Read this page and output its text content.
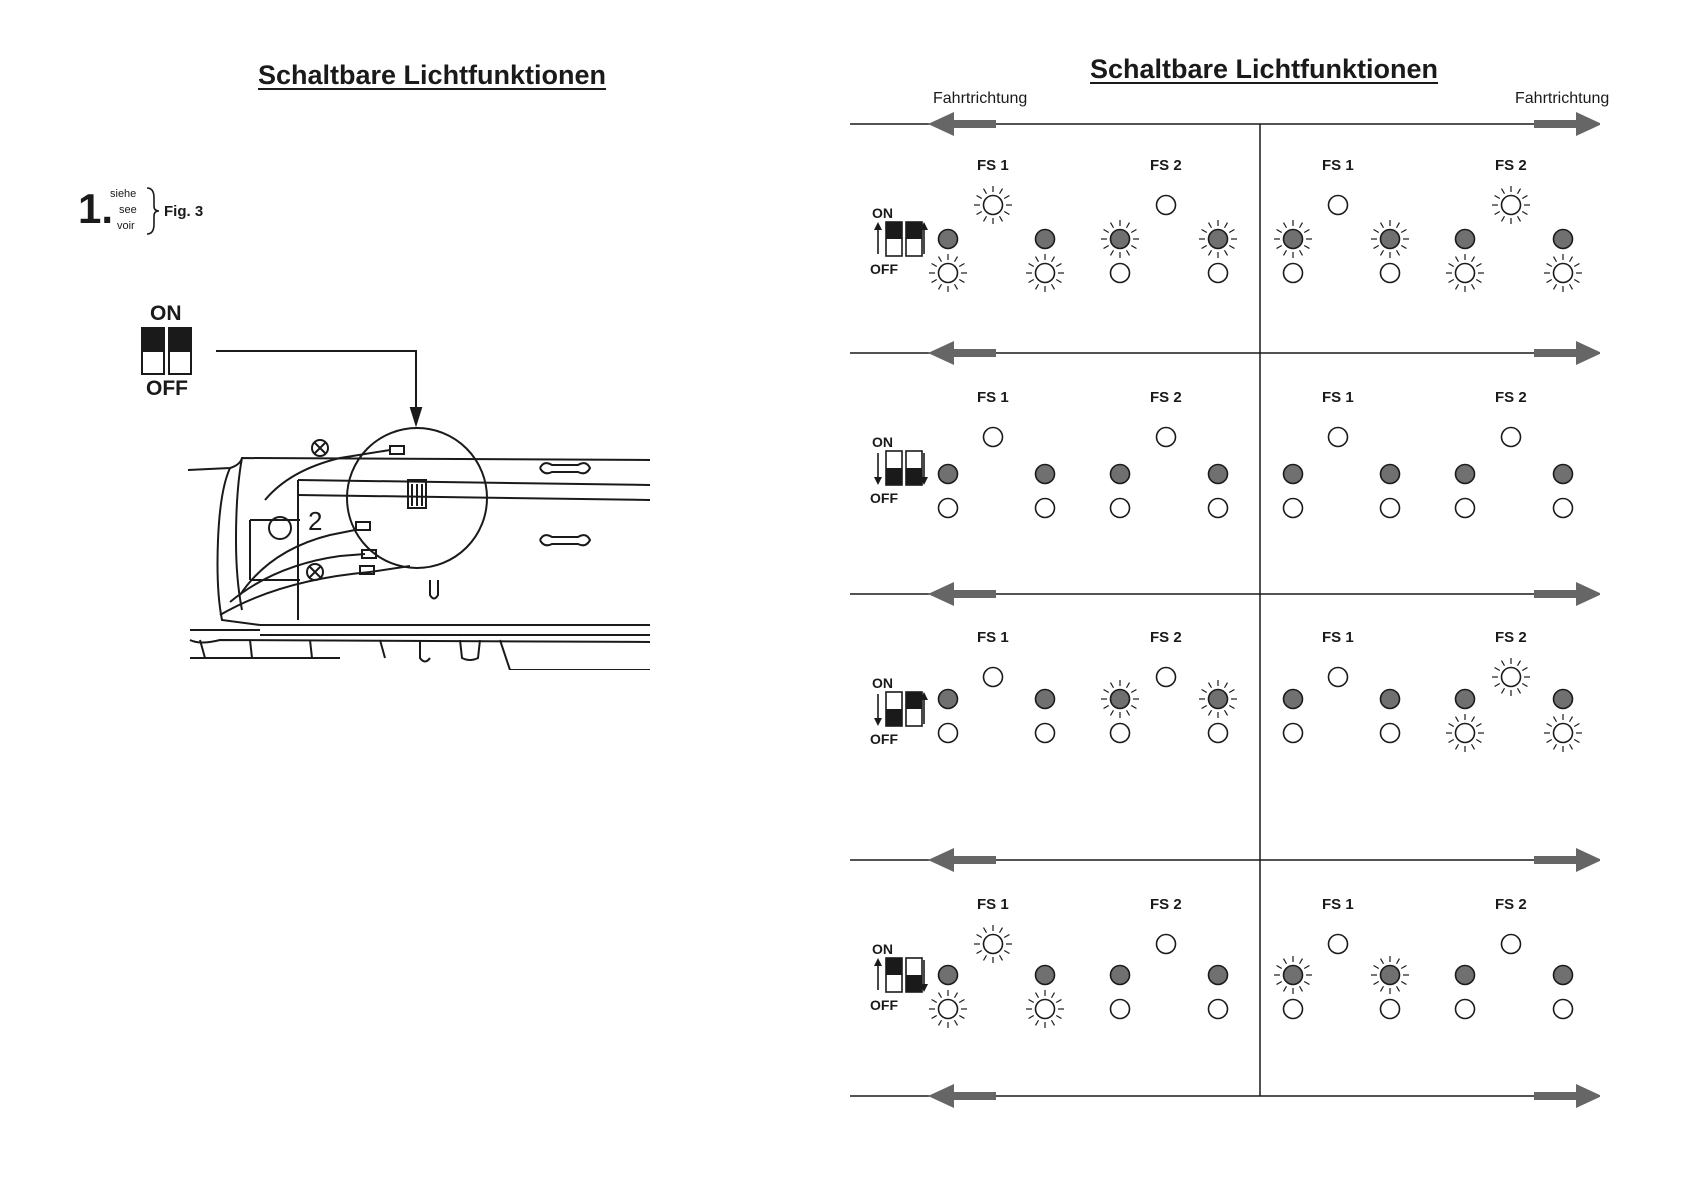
Schaltbare Lichtfunktionen
1.
siehe
see
voir
Fig. 3
ON
OFF
2
Schaltbare Lichtfunktionen
Fahrtrichtung	Fahrtrichtung
ON
OFF
FS 1	FS 2	FS 1	FS 2
ON
OFF
FS 1	FS 2	FS 1	FS 2
ON
OFF
FS 1	FS 2	FS 1	FS 2
ON
OFF
FS 1	FS 2	FS 1	FS 2
